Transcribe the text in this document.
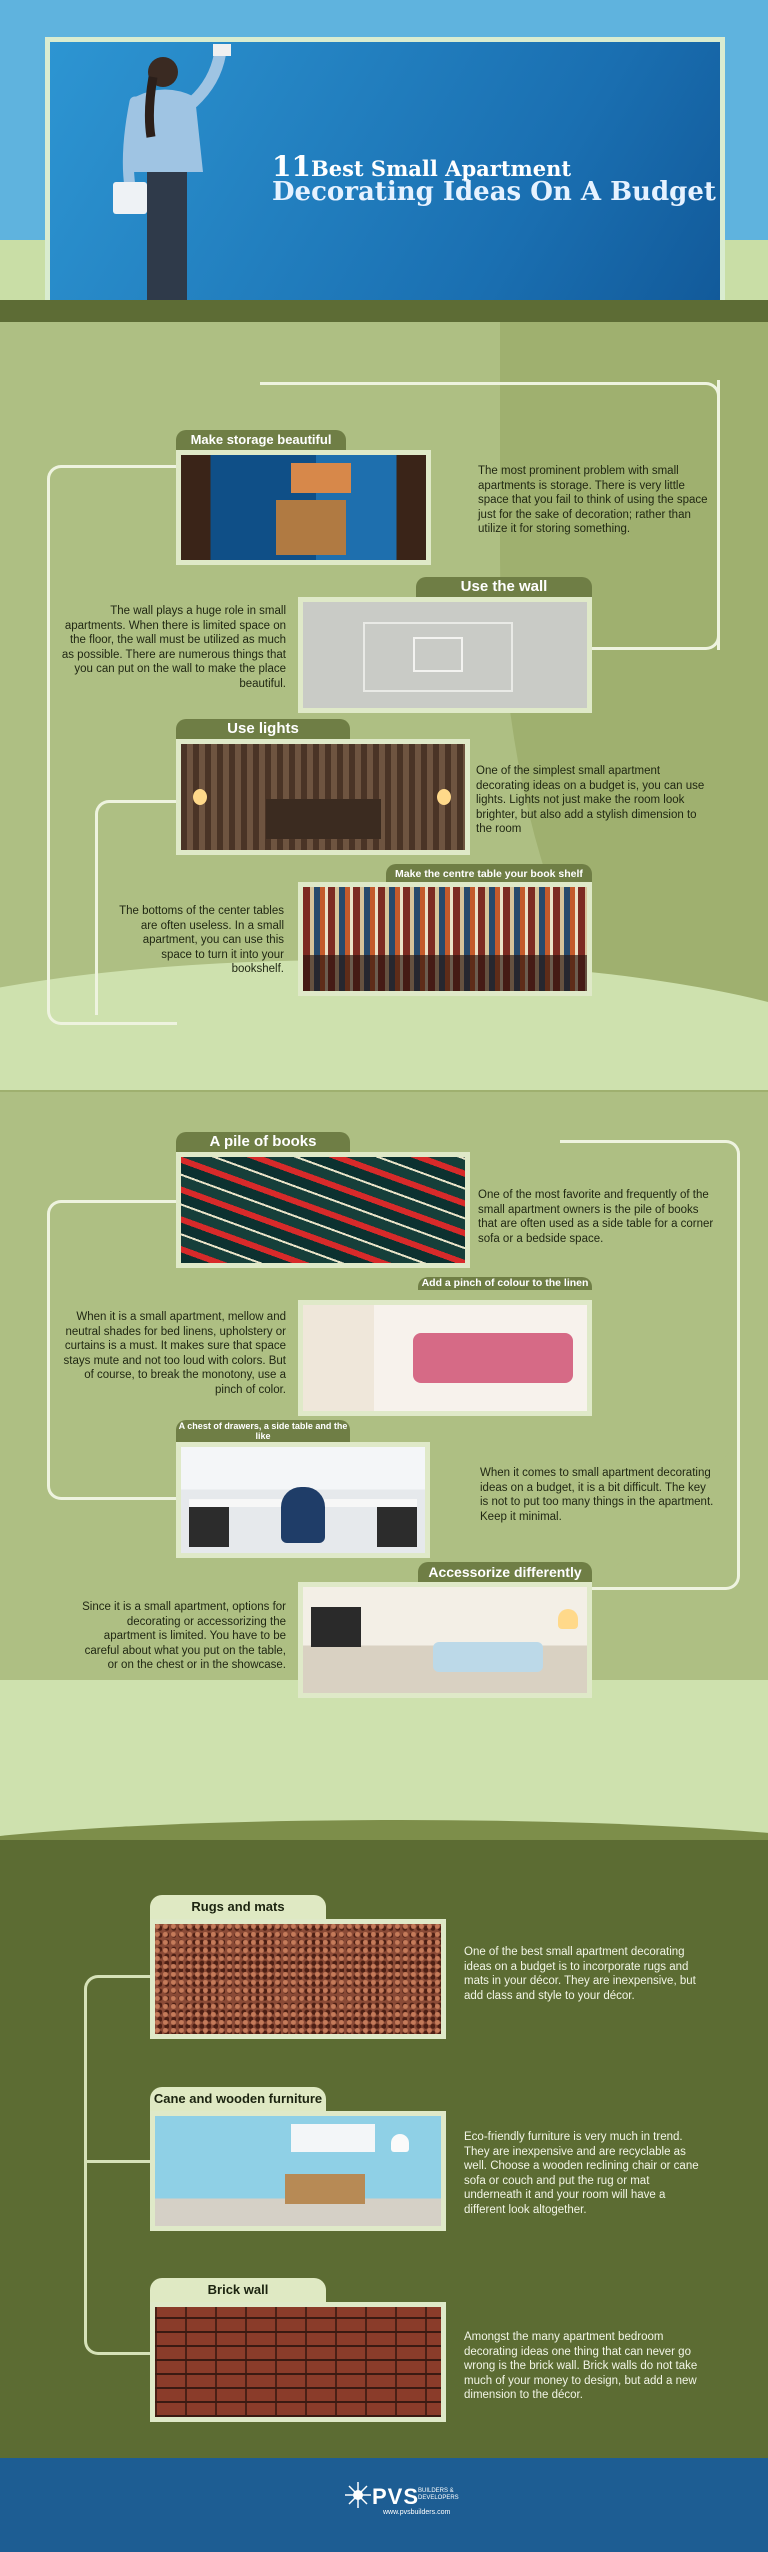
11Best Small Apartment
Decorating Ideas On A Budget
Make storage beautiful
The most prominent problem with small apartments is storage. There is very little space that you fail to think of using the space just for the sake of decoration; rather than utilize it for storing something.
Use the wall
The wall plays a huge role in small apartments. When there is limited space on the floor, the wall must be utilized as much as possible. There are numerous things that you can put on the wall to make the place beautiful.
Use lights
One of the simplest small apartment decorating ideas on a budget is, you can use lights. Lights not just make the room look brighter, but also add a stylish dimension to the room
Make the centre table your book shelf
The bottoms of the center tables are often useless. In a small apartment, you can use this space to turn it into your bookshelf.
A pile of books
One of the most favorite and frequently of the small apartment owners is the pile of books that are often used as a side table for a corner sofa or a bedside space.
Add a pinch of colour to the linen
When it is a small apartment, mellow and neutral shades for bed linens, upholstery or curtains is a must. It makes sure that space stays mute and not too loud with colors. But of course, to break the monotony, use a pinch of color.
A chest of drawers, a side table and the like
When it comes to small apartment decorating ideas on a budget, it is a bit difficult. The key is not to put too many things in the apartment. Keep it minimal.
Accessorize differently
Since it is a small apartment, options for decorating or accessorizing the apartment is limited. You have to be careful about what you put on the table, or on the chest or in the showcase.
Rugs and mats
One of the best small apartment decorating ideas on a budget is to incorporate rugs and mats in your décor. They are inexpensive, but add class and style to your décor.
Cane and wooden furniture
Eco-friendly furniture is very much in trend. They are inexpensive and are recyclable as well. Choose a wooden reclining chair or cane sofa or couch and put the rug or mat underneath it and your room will have a different look altogether.
Brick wall
Amongst the many apartment bedroom decorating ideas one thing that can never go wrong is the brick wall. Brick walls do not take much of your money to design, but add a new dimension to the décor.
PVS
BUILDERS &
DEVELOPERS
www.pvsbuilders.com
